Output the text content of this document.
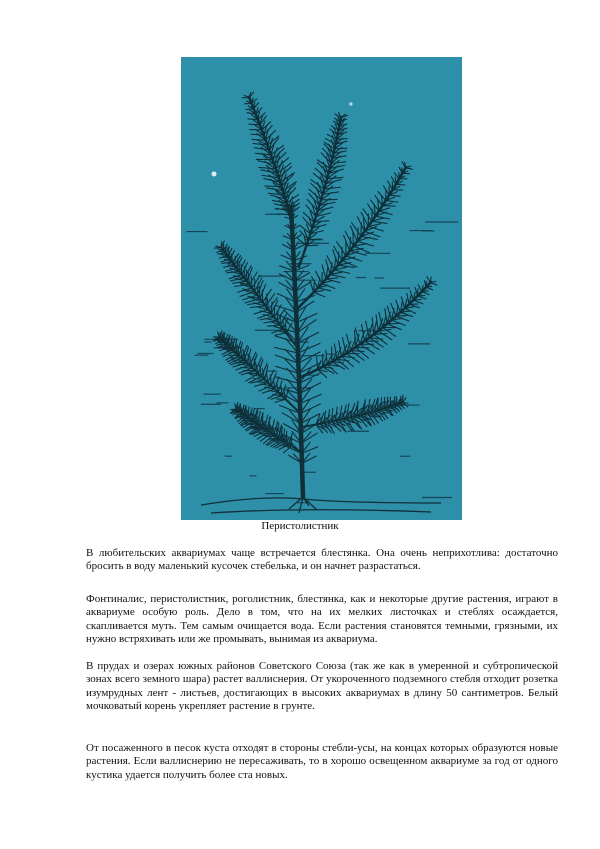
Перистолистник

В любительских аквариумах чаще встречается блестянка. Она очень неприхотлива: достаточно бросить в воду маленький кусочек стебелька, и он начнет разрастаться.

Фонтиналис, перистолистник, роголистник, блестянка, как и некоторые другие растения, играют в аквариуме особую роль. Дело в том, что на их мелких листочках и стеблях осаждается, скапливается муть. Тем самым очищается вода. Если растения становятся темными, грязными, их нужно встряхивать или же промывать, вынимая из аквариума.

В прудах и озерах южных районов Советского Союза (так же как в умеренной и субтропической зонах всего земного шара) растет валлиснерия. От укороченного подземного стебля отходит розетка изумрудных лент - листьев, достигающих в высоких аквариумах в длину 50 сантиметров. Белый мочковатый корень укрепляет растение в грунте.

От посаженного в песок куста отходят в стороны стебли-усы, на концах которых образуются новые растения. Если валлиснерию не пересаживать, то в хорошо освещенном аквариуме за год от одного кустика удается получить более ста новых.
